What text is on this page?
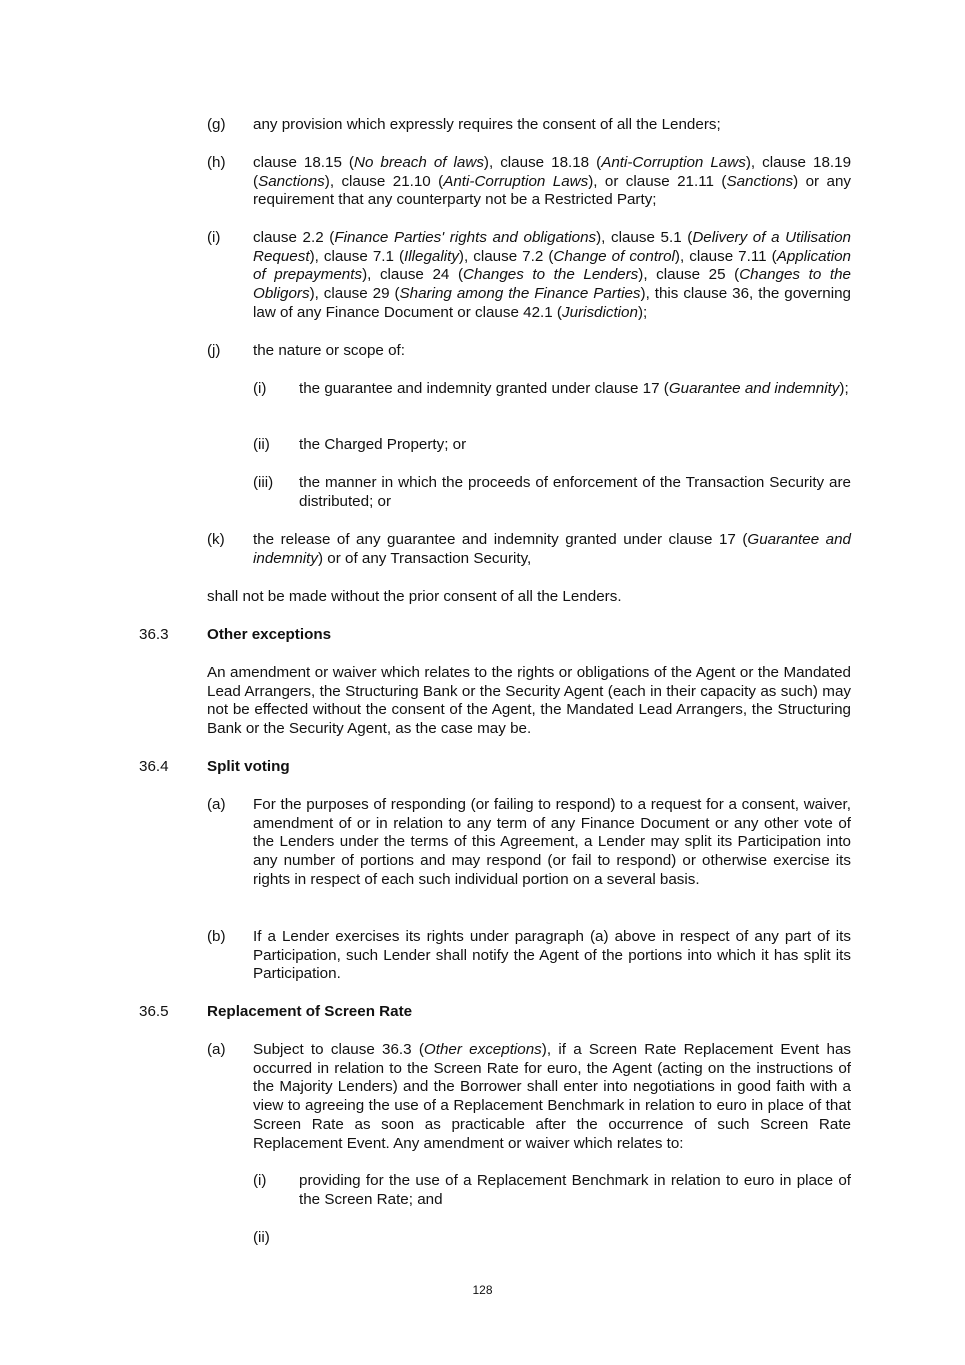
(g) any provision which expressly requires the consent of all the Lenders;
(h) clause 18.15 (No breach of laws), clause 18.18 (Anti-Corruption Laws), clause 18.19 (Sanctions), clause 21.10 (Anti-Corruption Laws), or clause 21.11 (Sanctions) or any requirement that any counterparty not be a Restricted Party;
(i) clause 2.2 (Finance Parties' rights and obligations), clause 5.1 (Delivery of a Utilisation Request), clause 7.1 (Illegality), clause 7.2 (Change of control), clause 7.11 (Application of prepayments), clause 24 (Changes to the Lenders), clause 25 (Changes to the Obligors), clause 29 (Sharing among the Finance Parties), this clause 36, the governing law of any Finance Document or clause 42.1 (Jurisdiction);
(j) the nature or scope of:
(i) the guarantee and indemnity granted under clause 17 (Guarantee and indemnity);
(ii) the Charged Property; or
(iii) the manner in which the proceeds of enforcement of the Transaction Security are distributed; or
(k) the release of any guarantee and indemnity granted under clause 17 (Guarantee and indemnity) or of any Transaction Security,
shall not be made without the prior consent of all the Lenders.
36.3	Other exceptions
An amendment or waiver which relates to the rights or obligations of the Agent or the Mandated Lead Arrangers, the Structuring Bank or the Security Agent (each in their capacity as such) may not be effected without the consent of the Agent, the Mandated Lead Arrangers, the Structuring Bank or the Security Agent, as the case may be.
36.4	Split voting
(a) For the purposes of responding (or failing to respond) to a request for a consent, waiver, amendment of or in relation to any term of any Finance Document or any other vote of the Lenders under the terms of this Agreement, a Lender may split its Participation into any number of portions and may respond (or fail to respond) or otherwise exercise its rights in respect of each such individual portion on a several basis.
(b) If a Lender exercises its rights under paragraph (a) above in respect of any part of its Participation, such Lender shall notify the Agent of the portions into which it has split its Participation.
36.5	Replacement of Screen Rate
(a) Subject to clause 36.3 (Other exceptions), if a Screen Rate Replacement Event has occurred in relation to the Screen Rate for euro, the Agent (acting on the instructions of the Majority Lenders) and the Borrower shall enter into negotiations in good faith with a view to agreeing the use of a Replacement Benchmark in relation to euro in place of that Screen Rate as soon as practicable after the occurrence of such Screen Rate Replacement Event. Any amendment or waiver which relates to:
(i) providing for the use of a Replacement Benchmark in relation to euro in place of the Screen Rate; and
(ii)
128
